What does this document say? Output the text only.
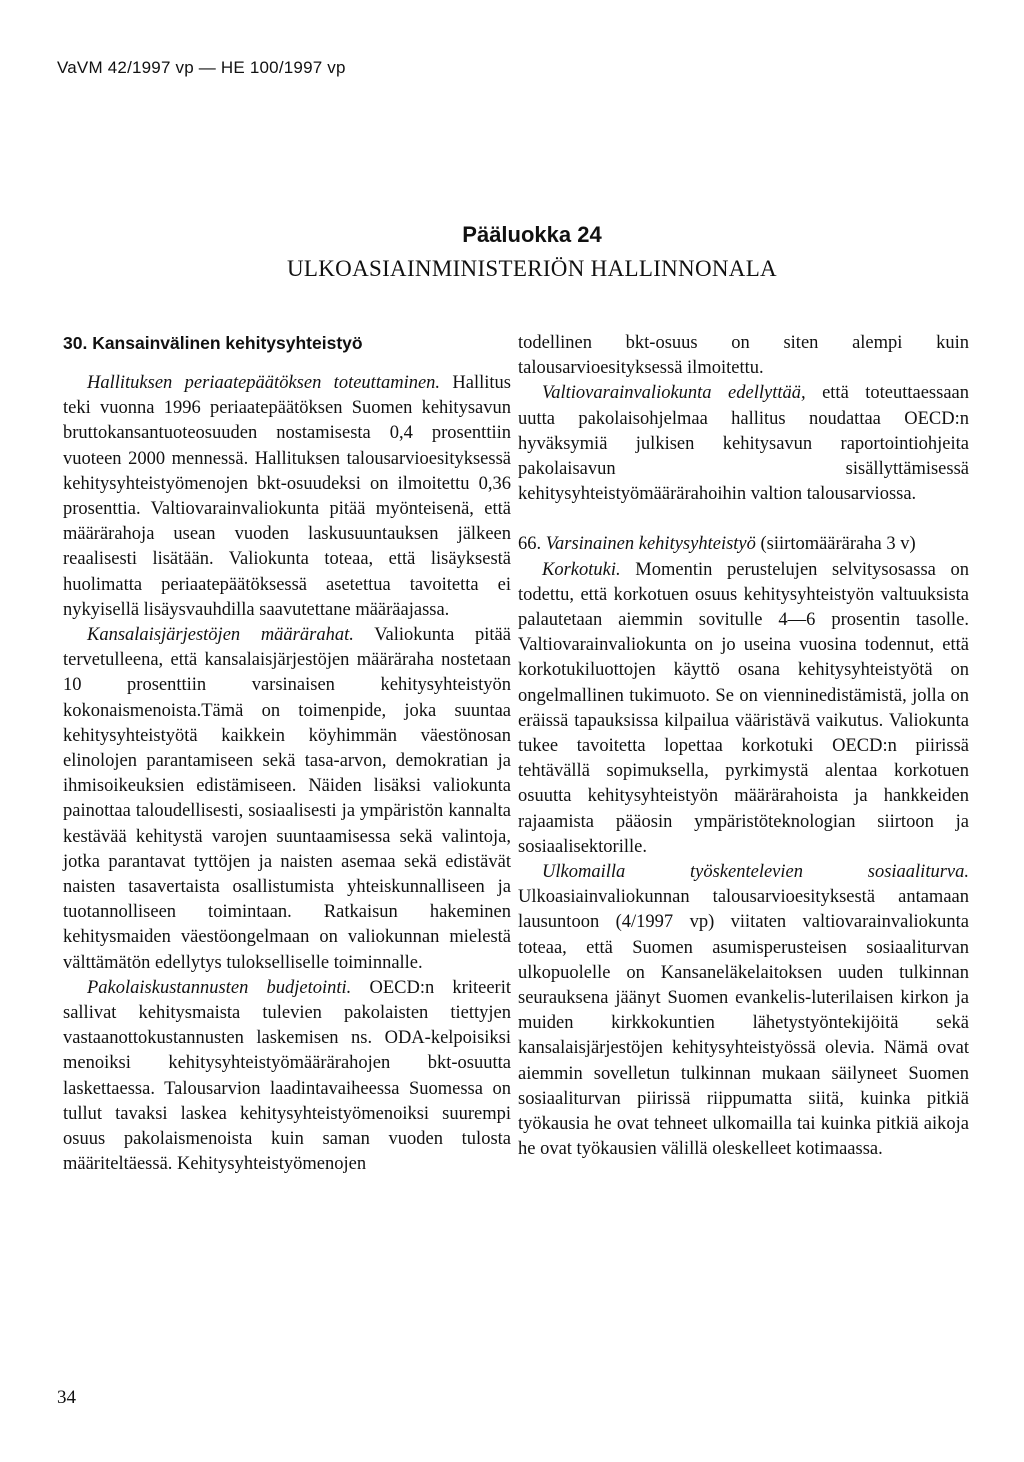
VaVM 42/1997 vp — HE 100/1997 vp
Pääluokka 24
ULKOASIAINMINISTERIÖN HALLINNONALA
30. Kansainvälinen kehitysyhteistyö

Hallituksen periaatepäätöksen toteuttaminen. Hallitus teki vuonna 1996 periaatepäätöksen Suomen kehitysavun bruttokansantuoteosuuden nostamisesta 0,4 prosenttiin vuoteen 2000 mennessä. Hallituksen talousarvioesityksessä kehitysyhteistyömenojen bkt-osuudeksi on ilmoitettu 0,36 prosenttia. Valtiovarainvaliokunta pitää myönteisenä, että määrärahoja usean vuoden laskusuuntauksen jälkeen reaalisesti lisätään. Valiokunta toteaa, että lisäyksestä huolimatta periaatepäätöksessä asetettua tavoitetta ei nykyisellä lisäysvauhdilla saavutettane määräajassa.

Kansalaisjärjestöjen määrärahat. Valiokunta pitää tervetulleena, että kansalaisjärjestöjen määräraha nostetaan 10 prosenttiin varsinaisen kehitysyhteistyön kokonaismenoista.Tämä on toimenpide, joka suuntaa kehitysyhteistyötä kaikkein köyhimmän väestönosan elinolojen parantamiseen sekä tasa-arvon, demokratian ja ihmisoikeuksien edistämiseen. Näiden lisäksi valiokunta painottaa taloudellisesti, sosiaalisesti ja ympäristön kannalta kestävää kehitystä varojen suuntaamisessa sekä valintoja, jotka parantavat tyttöjen ja naisten asemaa sekä edistävät naisten tasavertaista osallistumista yhteiskunnalliseen ja tuotannolliseen toimintaan. Ratkaisun hakeminen kehitysmaiden väestöongelmaan on valiokunnan mielestä välttämätön edellytys tulokselliselle toiminnalle.

Pakolaiskustannusten budjetointi. OECD:n kriteerit sallivat kehitysmaista tulevien pakolaisten tiettyjen vastaanottokustannusten laskemisen ns. ODA-kelpoisiksi menoiksi kehitysyhteistyömäärärahojen bkt-osuutta laskettaessa. Talousarvion laadintavaiheessa Suomessa on tullut tavaksi laskea kehitysyhteistyömenoiksi suurempi osuus pakolaismenoista kuin saman vuoden tulosta määriteltäessä. Kehitysyhteistyömenojen

todellinen bkt-osuus on siten alempi kuin talousarvioesityksessä ilmoitettu.

Valtiovarainvaliokunta edellyttää, että toteuttaessaan uutta pakolaisohjelmaa hallitus noudattaa OECD:n hyväksymiä julkisen kehitysavun raportointiohjeita pakolaisavun sisällyttämisessä kehitysyhteistyömäärärahoihin valtion talousarviossa.

66. Varsinainen kehitysyhteistyö (siirtomääräraha 3 v)

Korkotuki. Momentin perustelujen selvitysosassa on todettu, että korkotuen osuus kehitysyhteistyön valtuuksista palautetaan aiemmin sovitulle 4—6 prosentin tasolle. Valtiovarainvaliokunta on jo useina vuosina todennut, että korkotukiluottojen käyttö osana kehitysyhteistyötä on ongelmallinen tukimuoto. Se on vienninedistämistä, jolla on eräissä tapauksissa kilpailua vääristävä vaikutus. Valiokunta tukee tavoitetta lopettaa korkotuki OECD:n piirissä tehtävällä sopimuksella, pyrkimystä alentaa korkotuen osuutta kehitysyhteistyön määrärahoista ja hankkeiden rajaamista pääosin ympäristöteknologian siirtoon ja sosiaalisektorille.

Ulkomailla työskentelevien sosiaaliturva. Ulkoasiainvaliokunnan talousarvioesityksestä antamaan lausuntoon (4/1997 vp) viitaten valtiovarainvaliokunta toteaa, että Suomen asumisperusteisen sosiaaliturvan ulkopuolelle on Kansaneläkelaitoksen uuden tulkinnan seurauksena jäänyt Suomen evankelis-luterilaisen kirkon ja muiden kirkkokuntien lähetystyöntekijöitä sekä kansalaisjärjestöjen kehitysyhteistyössä olevia. Nämä ovat aiemmin sovelletun tulkinnan mukaan säilyneet Suomen sosiaaliturvan piirissä riippumatta siitä, kuinka pitkiä työkausia he ovat tehneet ulkomailla tai kuinka pitkiä aikoja he ovat työkausien välillä oleskelleet kotimaassa.

34
